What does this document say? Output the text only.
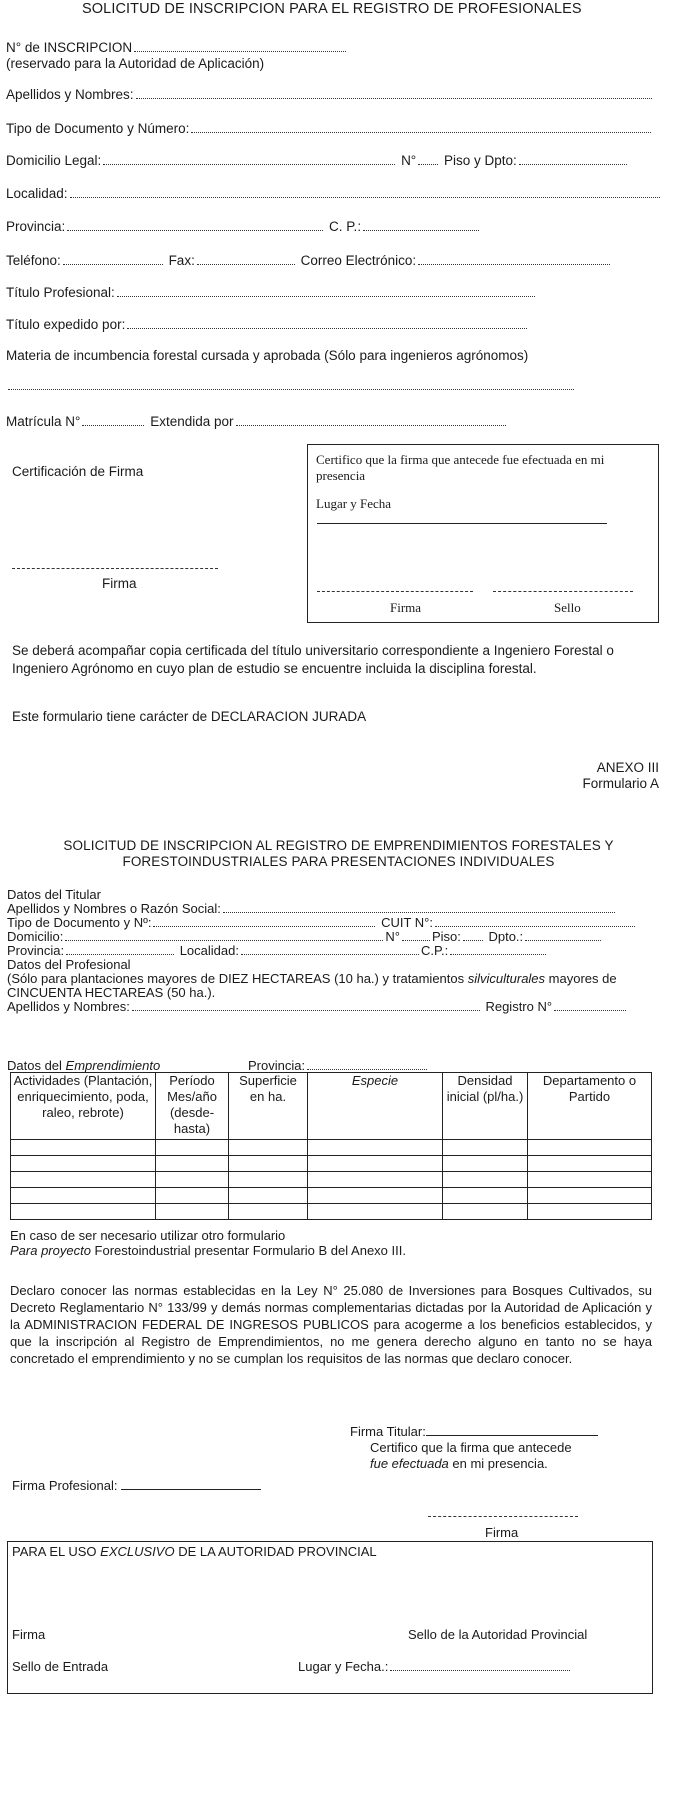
SOLICITUD DE INSCRIPCION PARA EL REGISTRO DE PROFESIONALES
N° de INSCRIPCION
(reservado para la Autoridad de Aplicación)
Apellidos y Nombres:
Tipo de Documento y Número:
Domicilio Legal:	N° Piso y Dpto:
Localidad:
Provincia:	C. P.:
Teléfono:	Fax:	Correo Electrónico:
Título Profesional:
Título expedido por:
Materia de incumbencia forestal cursada y aprobada (Sólo para ingenieros agrónomos)
Matrícula N°	Extendida por
Certificación de Firma
Firma
Certifico que la firma que antecede fue efectuada en mi presencia
Lugar y Fecha
Firma	Sello
Se deberá acompañar copia certificada del título universitario correspondiente a Ingeniero Forestal o Ingeniero Agrónomo en cuyo plan de estudio se encuentre incluida la disciplina forestal.
Este formulario tiene carácter de DECLARACION JURADA
ANEXO III
Formulario A
SOLICITUD DE INSCRIPCION AL REGISTRO DE EMPRENDIMIENTOS FORESTALES Y
FORESTOINDUSTRIALES PARA PRESENTACIONES INDIVIDUALES
Datos del Titular
Apellidos y Nombres o Razón Social:
Tipo de Documento y Nº:	CUIT N°:
Domicilio:	N° Piso: Dpto.:
Provincia:	Localidad:	C.P.:
Datos del Profesional
(Sólo para plantaciones mayores de DIEZ HECTAREAS (10 ha.) y tratamientos silviculturales mayores de CINCUENTA HECTAREAS (50 ha.).
Apellidos y Nombres:	Registro N°
Datos del Emprendimiento	Provincia:
Actividades (Plantación, enriquecimiento, poda, raleo, rebrote)	Período Mes/año (desde-hasta)	Superficie en ha.	Especie	Densidad inicial (pl/ha.)	Departamento o Partido

En caso de ser necesario utilizar otro formulario
Para proyecto Forestoindustrial presentar Formulario B del Anexo III.
Declaro conocer las normas establecidas en la Ley N° 25.080 de Inversiones para Bosques Cultivados, su Decreto Reglamentario N° 133/99 y demás normas complementarias dictadas por la Autoridad de Aplicación y la ADMINISTRACION FEDERAL DE INGRESOS PUBLICOS para acogerme a los beneficios establecidos, y que la inscripción al Registro de Emprendimientos, no me genera derecho alguno en tanto no se haya concretado el emprendimiento y no se cumplan los requisitos de las normas que declaro conocer.
Firma Titular:
Certifico que la firma que antecede
fue efectuada en mi presencia.
Firma Profesional:
Firma
PARA EL USO EXCLUSIVO DE LA AUTORIDAD PROVINCIAL
Firma	Sello de la Autoridad Provincial
Sello de Entrada	Lugar y Fecha.:
